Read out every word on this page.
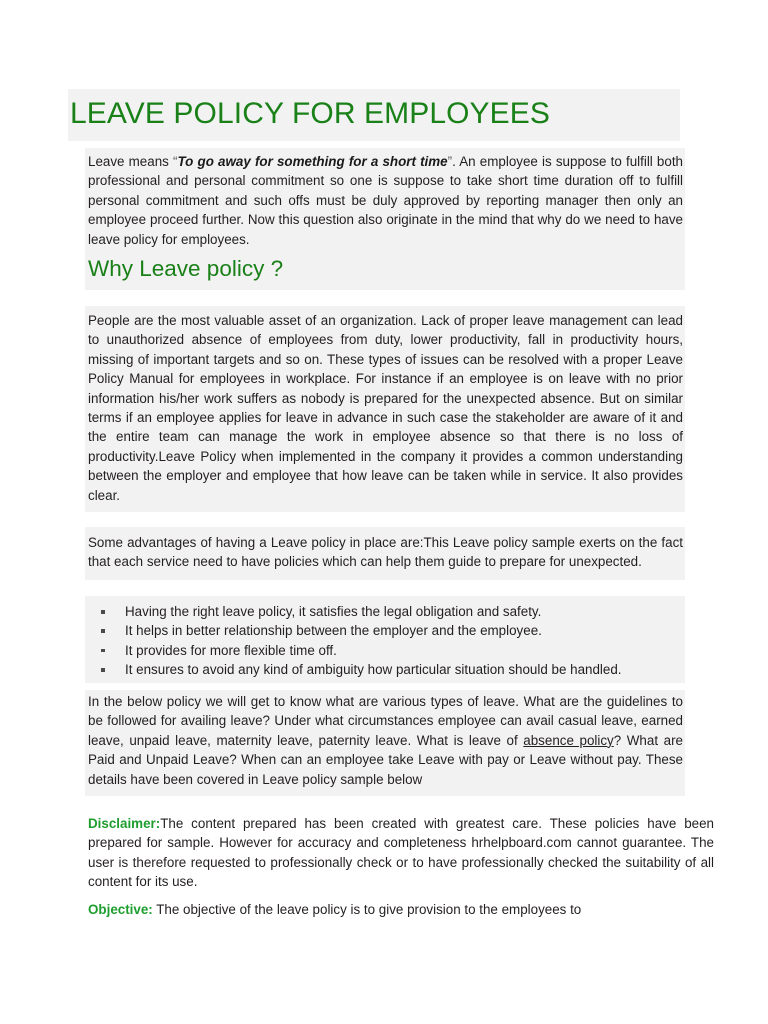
LEAVE POLICY FOR EMPLOYEES

Leave means “To go away for something for a short time”. An employee is suppose to fulfill both professional and personal commitment so one is suppose to take short time duration off to fulfill personal commitment and such offs must be duly approved by reporting manager then only an employee proceed further. Now this question also originate in the mind that why do we need to have leave policy for employees.

Why Leave policy ?

People are the most valuable asset of an organization. Lack of proper leave management can lead to unauthorized absence of employees from duty, lower productivity, fall in productivity hours, missing of important targets and so on. These types of issues can be resolved with a proper Leave Policy Manual for employees in workplace. For instance if an employee is on leave with no prior information his/her work suffers as nobody is prepared for the unexpected absence. But on similar terms if an employee applies for leave in advance in such case the stakeholder are aware of it and the entire team can manage the work in employee absence so that there is no loss of productivity.Leave Policy when implemented in the company it provides a common understanding between the employer and employee that how leave can be taken while in service. It also provides clear.

Some advantages of having a Leave policy in place are:This Leave policy sample exerts on the fact that each service need to have policies which can help them guide to prepare for unexpected.

Having the right leave policy, it satisfies the legal obligation and safety.
It helps in better relationship between the employer and the employee.
It provides for more flexible time off.
It ensures to avoid any kind of ambiguity how particular situation should be handled.

In the below policy we will get to know what are various types of leave. What are the guidelines to be followed for availing leave? Under what circumstances employee can avail casual leave, earned leave, unpaid leave, maternity leave, paternity leave. What is leave of absence policy? What are Paid and Unpaid Leave? When can an employee take Leave with pay or Leave without pay. These details have been covered in Leave policy sample below

Disclaimer:The content prepared has been created with greatest care. These policies have been prepared for sample. However for accuracy and completeness hrhelpboard.com cannot guarantee. The user is therefore requested to professionally check or to have professionally checked the suitability of all content for its use.

Objective: The objective of the leave policy is to give provision to the employees to
